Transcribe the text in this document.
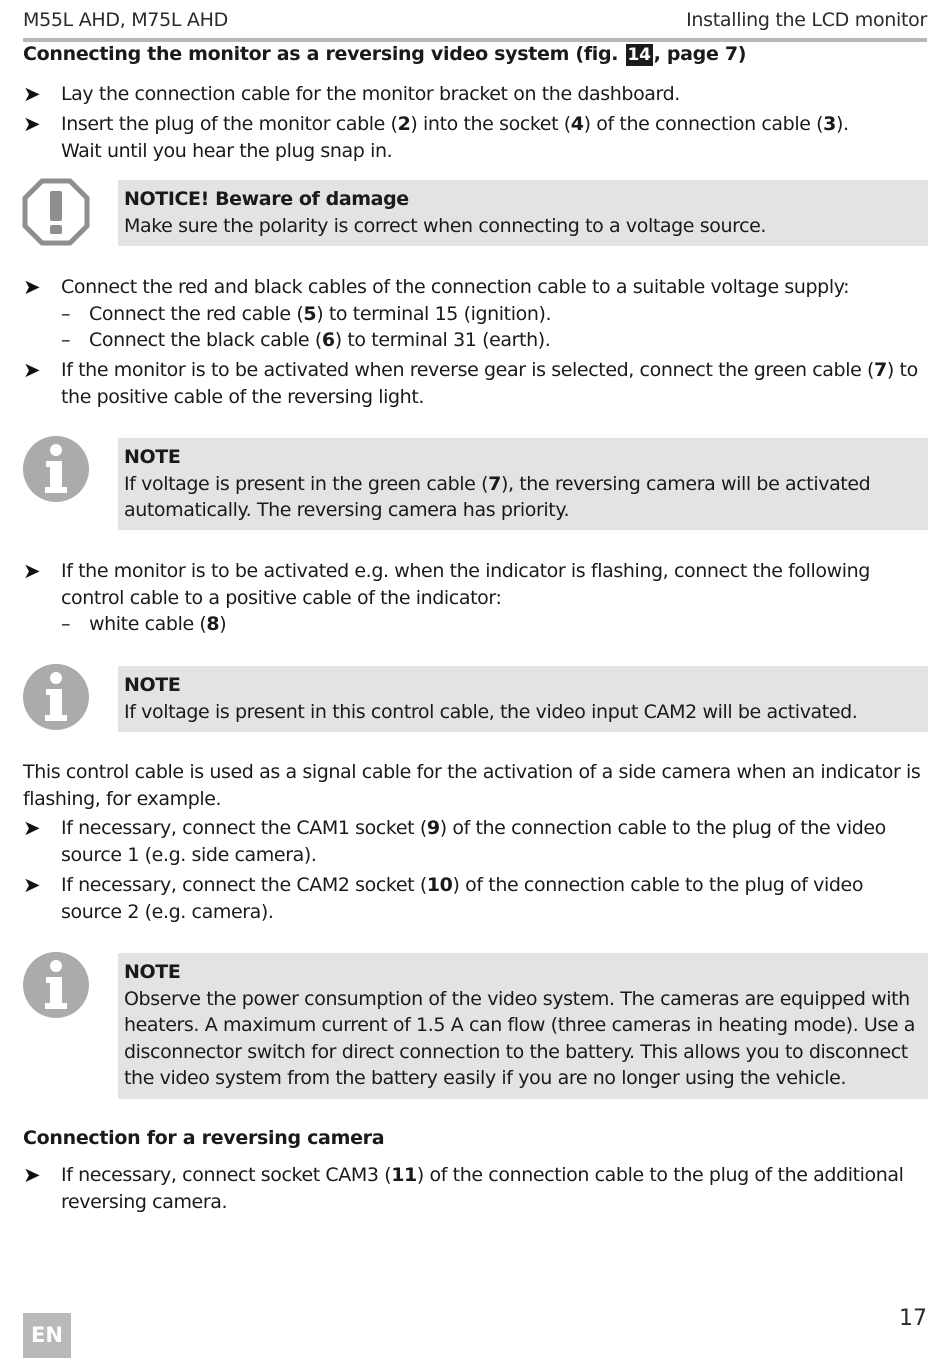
M55L AHD, M75L AHD	Installing the LCD monitor
Connecting the monitor as a reversing video system (fig. 14 , page 7)
➤	Lay the connection cable for the monitor bracket on the dashboard.
➤	Insert the plug of the monitor cable (2) into the socket (4) of the connection cable (3).
Wait until you hear the plug snap in.
NOTICE! Beware of damage
Make sure the polarity is correct when connecting to a voltage source.
➤	Connect the red and black cables of the connection cable to a suitable voltage supply:
– Connect the red cable (5) to terminal 15 (ignition).
– Connect the black cable (6) to terminal 31 (earth).
➤	If the monitor is to be activated when reverse gear is selected, connect the green cable (7) to the positive cable of the reversing light.
NOTE
If voltage is present in the green cable (7), the reversing camera will be activated automatically. The reversing camera has priority.
➤	If the monitor is to be activated e.g. when the indicator is flashing, connect the following control cable to a positive cable of the indicator:
– white cable (8)
NOTE
If voltage is present in this control cable, the video input CAM2 will be activated.
This control cable is used as a signal cable for the activation of a side camera when an indicator is flashing, for example.
➤	If necessary, connect the CAM1 socket (9) of the connection cable to the plug of the video source 1 (e.g. side camera).
➤	If necessary, connect the CAM2 socket (10) of the connection cable to the plug of video source 2 (e.g. camera).
NOTE
Observe the power consumption of the video system. The cameras are equipped with heaters. A maximum current of 1.5 A can flow (three cameras in heating mode). Use a disconnector switch for direct connection to the battery. This allows you to disconnect the video system from the battery easily if you are no longer using the vehicle.
Connection for a reversing camera
➤	If necessary, connect socket CAM3 (11) of the connection cable to the plug of the additional reversing camera.
EN
17
